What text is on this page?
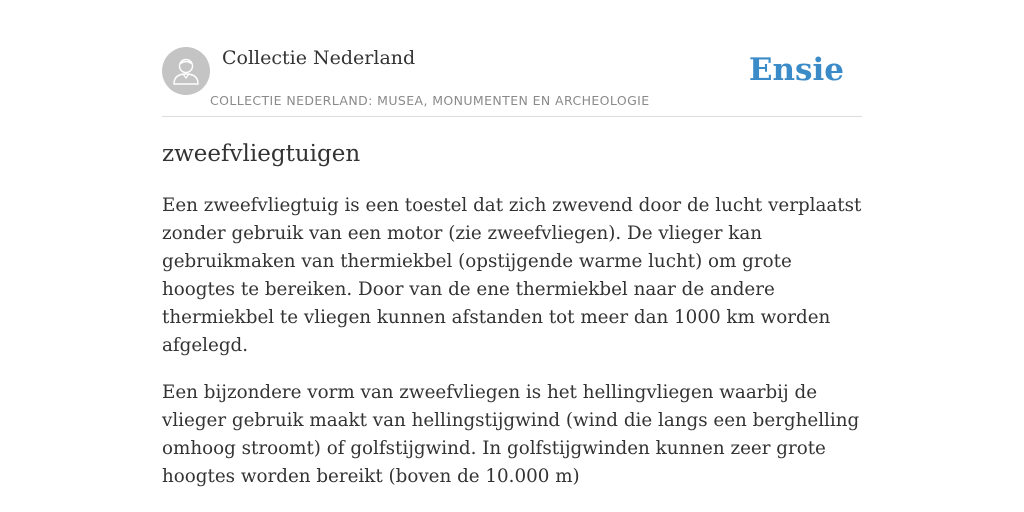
Collectie Nederland
COLLECTIE NEDERLAND: MUSEA, MONUMENTEN EN ARCHEOLOGIE
Ensie
zweefvliegtuigen

Een zweefvliegtuig is een toestel dat zich zwevend door de lucht verplaatst zonder gebruik van een motor (zie zweefvliegen). De vlieger kan gebruikmaken van thermiekbel (opstijgende warme lucht) om grote hoogtes te bereiken. Door van de ene thermiekbel naar de andere thermiekbel te vliegen kunnen afstanden tot meer dan 1000 km worden afgelegd.

Een bijzondere vorm van zweefvliegen is het hellingvliegen waarbij de vlieger gebruik maakt van hellingstijgwind (wind die langs een berghelling omhoog stroomt) of golfstijgwind. In golfstijgwinden kunnen zeer grote hoogtes worden bereikt (boven de 10.000 m)
